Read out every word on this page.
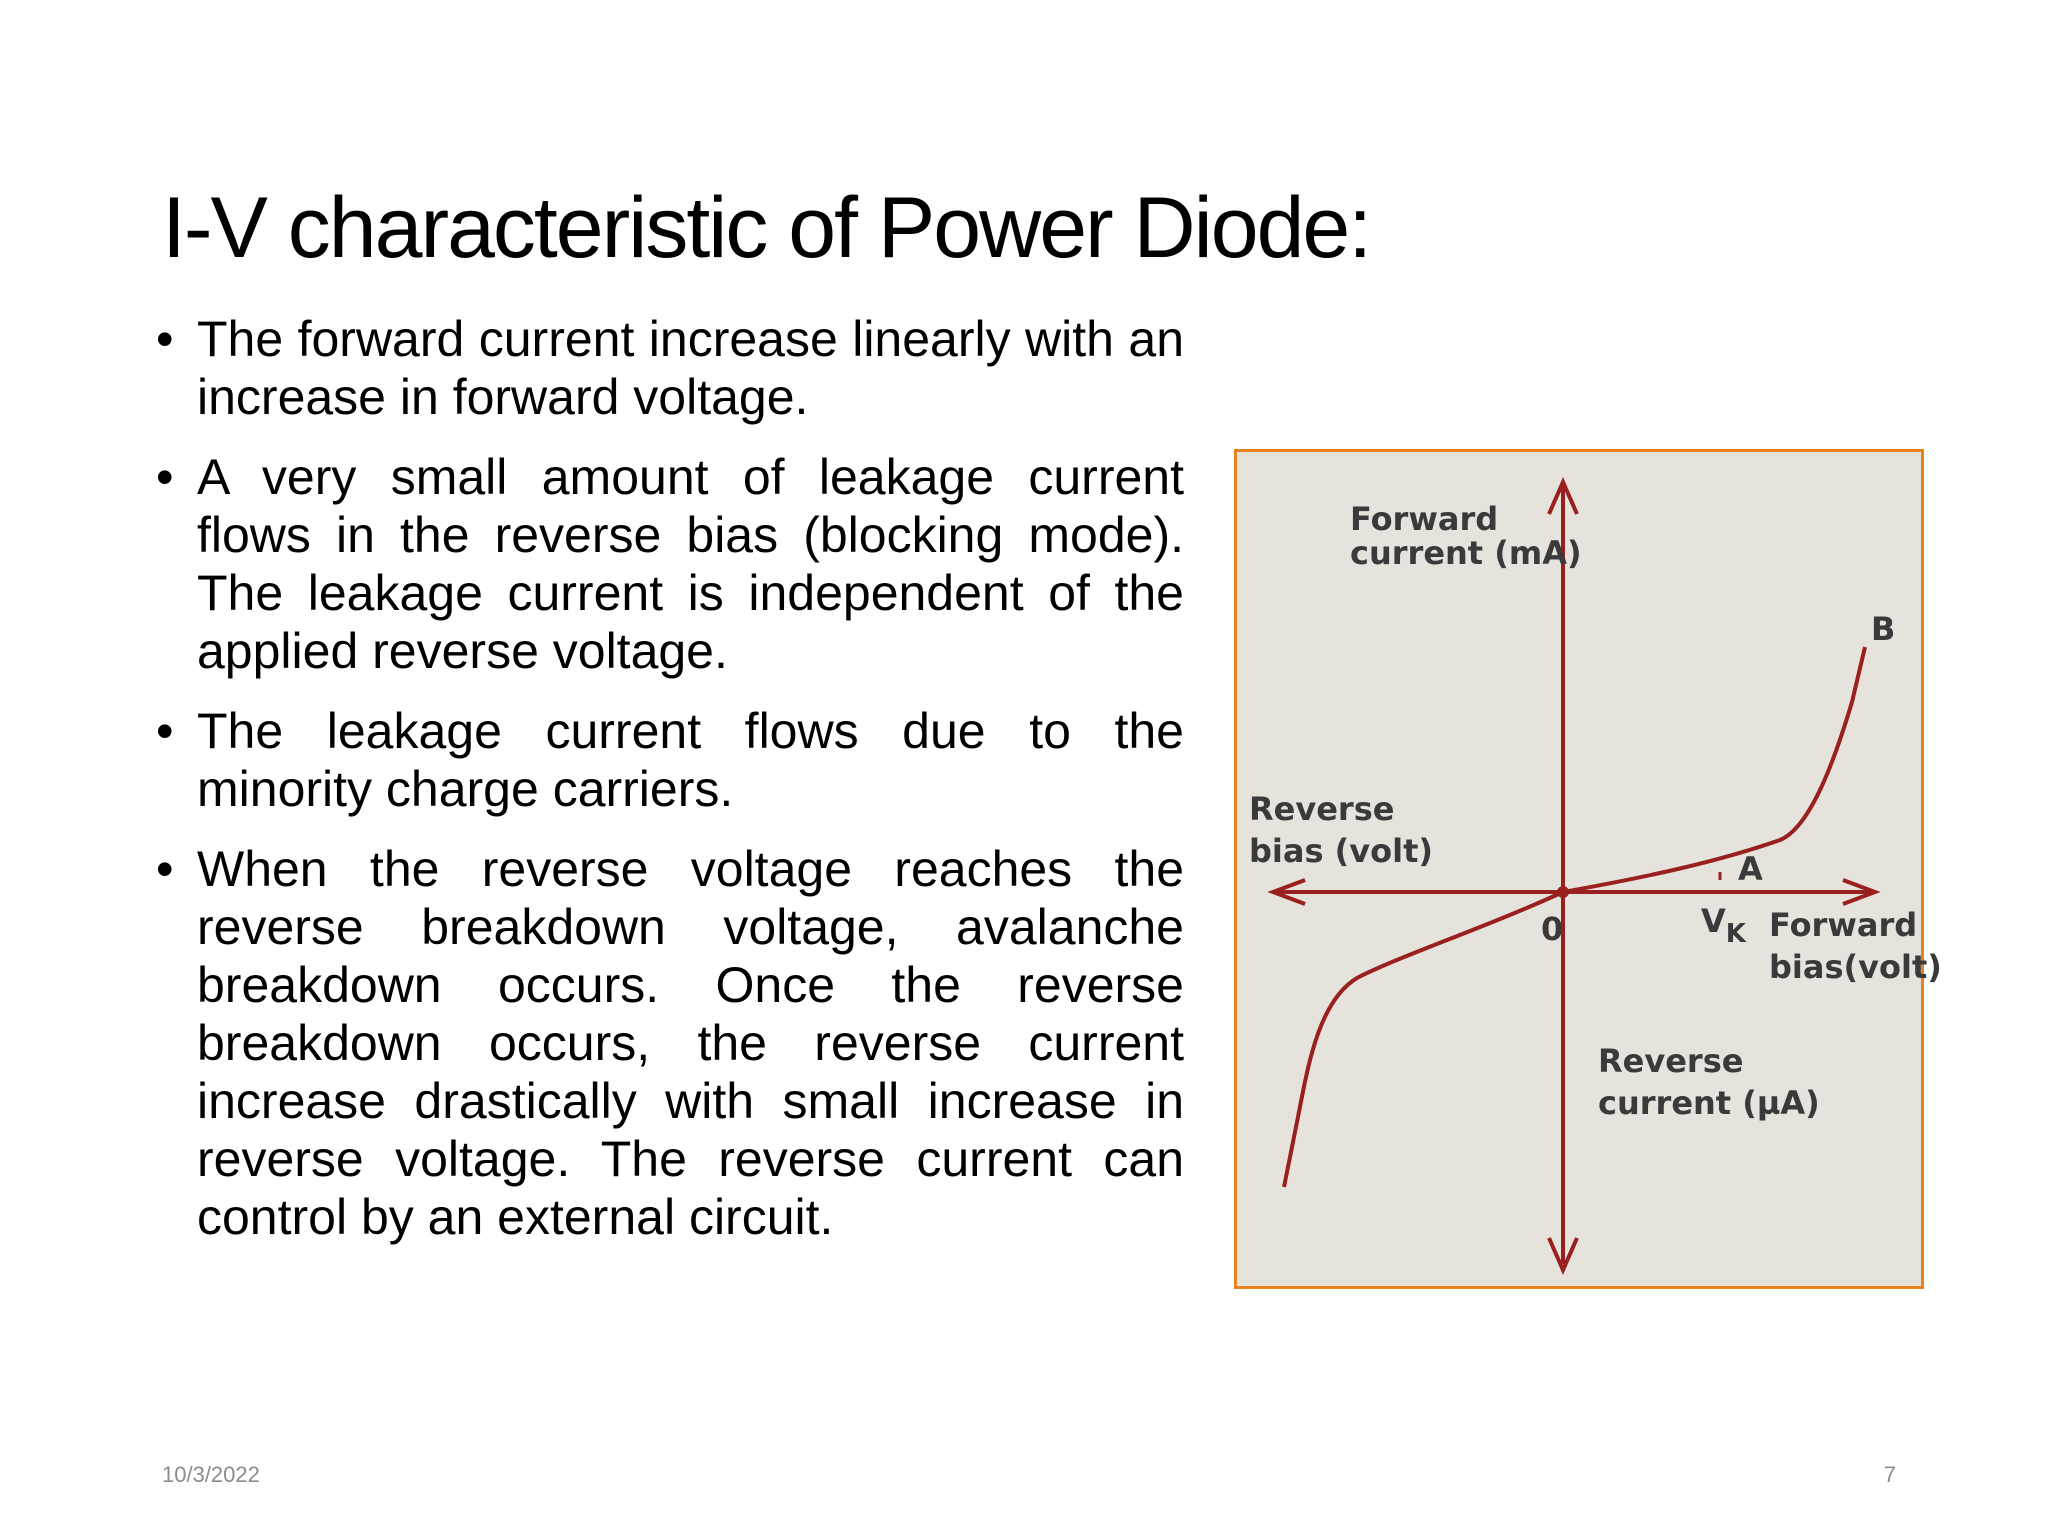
I-V characteristic of Power Diode:
• The forward current increase linearly with an increase in forward voltage.
• A very small amount of leakage current flows in the reverse bias (blocking mode). The leakage current is independent of the applied reverse voltage.
• The leakage current flows due to the minority charge carriers.
• When the reverse voltage reaches the reverse breakdown voltage, avalanche breakdown occurs. Once the reverse breakdown occurs, the reverse current increase drastically with small increase in reverse voltage. The reverse current can control by an external circuit.
Forward current (mA)
Reverse bias (volt)
Forward bias(volt)
Reverse current (µA)
0	$V_K$
A
B
10/3/2022	7
